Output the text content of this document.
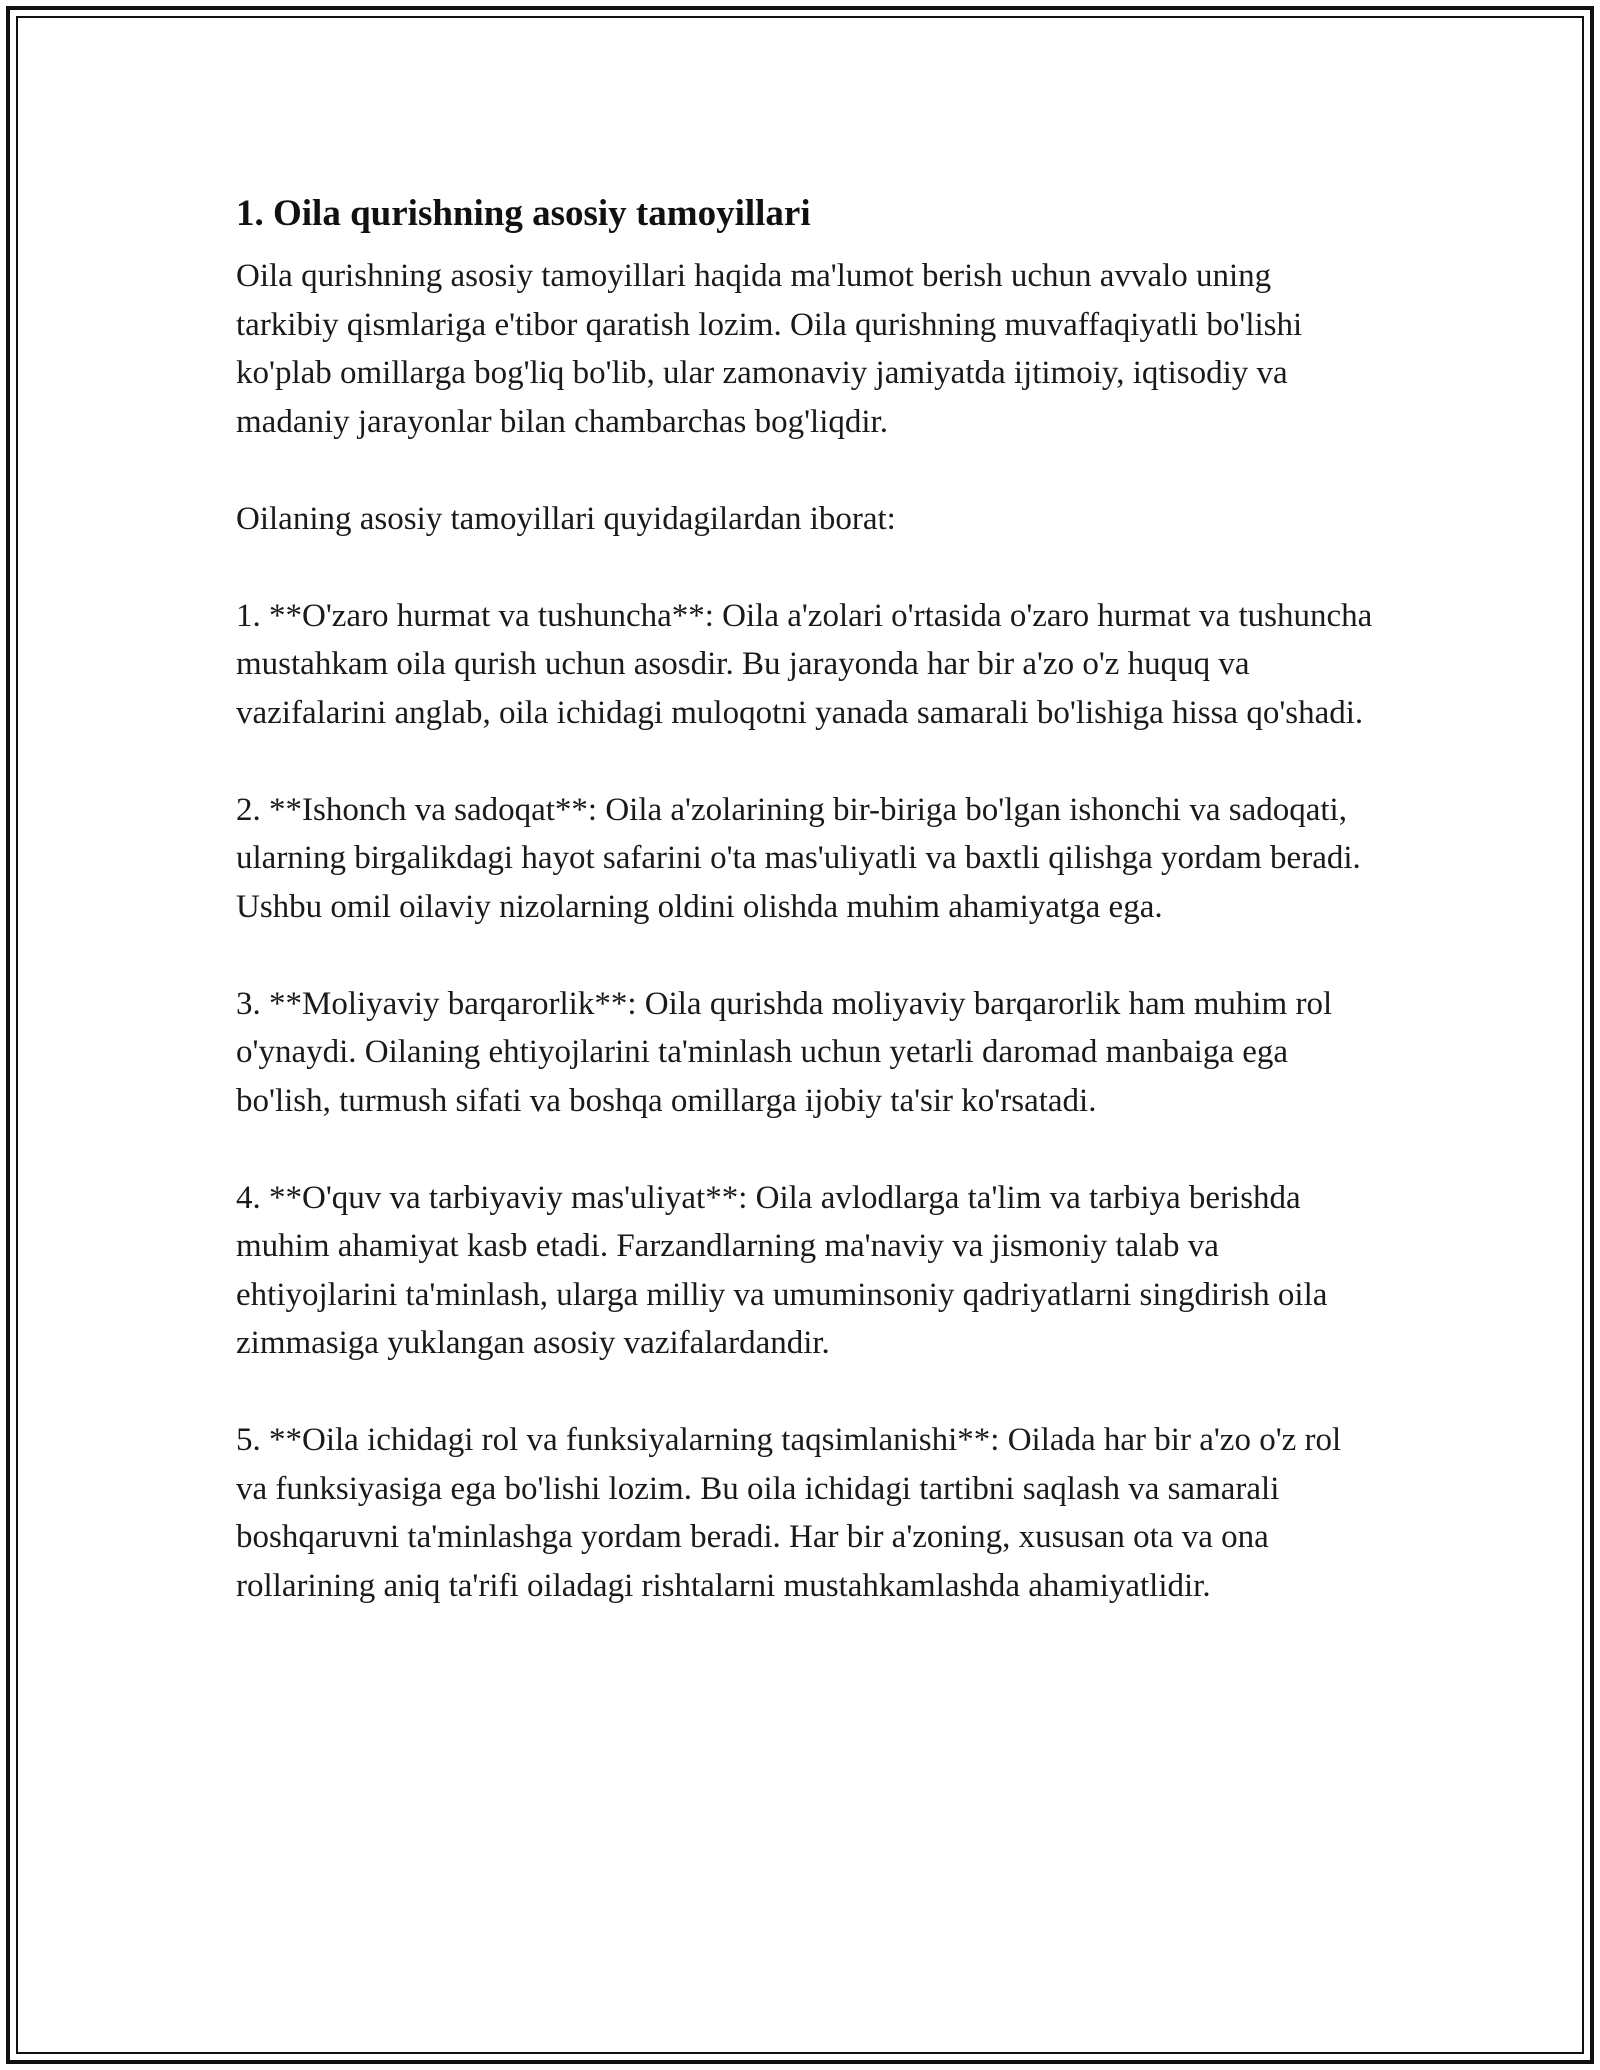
1. Oila qurishning asosiy tamoyillari

Oila qurishning asosiy tamoyillari haqida ma'lumot berish uchun avvalo uning tarkibiy qismlariga e'tibor qaratish lozim. Oila qurishning muvaffaqiyatli bo'lishi ko'plab omillarga bog'liq bo'lib, ular zamonaviy jamiyatda ijtimoiy, iqtisodiy va madaniy jarayonlar bilan chambarchas bog'liqdir.

Oilaning asosiy tamoyillari quyidagilardan iborat:

1. **O'zaro hurmat va tushuncha**: Oila a'zolari o'rtasida o'zaro hurmat va tushuncha mustahkam oila qurish uchun asosdir. Bu jarayonda har bir a'zo o'z huquq va vazifalarini anglab, oila ichidagi muloqotni yanada samarali bo'lishiga hissa qo'shadi.

2. **Ishonch va sadoqat**: Oila a'zolarining bir-biriga bo'lgan ishonchi va sadoqati, ularning birgalikdagi hayot safarini o'ta mas'uliyatli va baxtli qilishga yordam beradi. Ushbu omil oilaviy nizolarning oldini olishda muhim ahamiyatga ega.

3. **Moliyaviy barqarorlik**: Oila qurishda moliyaviy barqarorlik ham muhim rol o'ynaydi. Oilaning ehtiyojlarini ta'minlash uchun yetarli daromad manbaiga ega bo'lish, turmush sifati va boshqa omillarga ijobiy ta'sir ko'rsatadi.

4. **O'quv va tarbiyaviy mas'uliyat**: Oila avlodlarga ta'lim va tarbiya berishda muhim ahamiyat kasb etadi. Farzandlarning ma'naviy va jismoniy talab va ehtiyojlarini ta'minlash, ularga milliy va umuminsoniy qadriyatlarni singdirish oila zimmasiga yuklangan asosiy vazifalardandir.

5. **Oila ichidagi rol va funksiyalarning taqsimlanishi**: Oilada har bir a'zo o'z rol va funksiyasiga ega bo'lishi lozim. Bu oila ichidagi tartibni saqlash va samarali boshqaruvni ta'minlashga yordam beradi. Har bir a'zoning, xususan ota va ona rollarining aniq ta'rifi oiladagi rishtalarni mustahkamlashda ahamiyatlidir.
